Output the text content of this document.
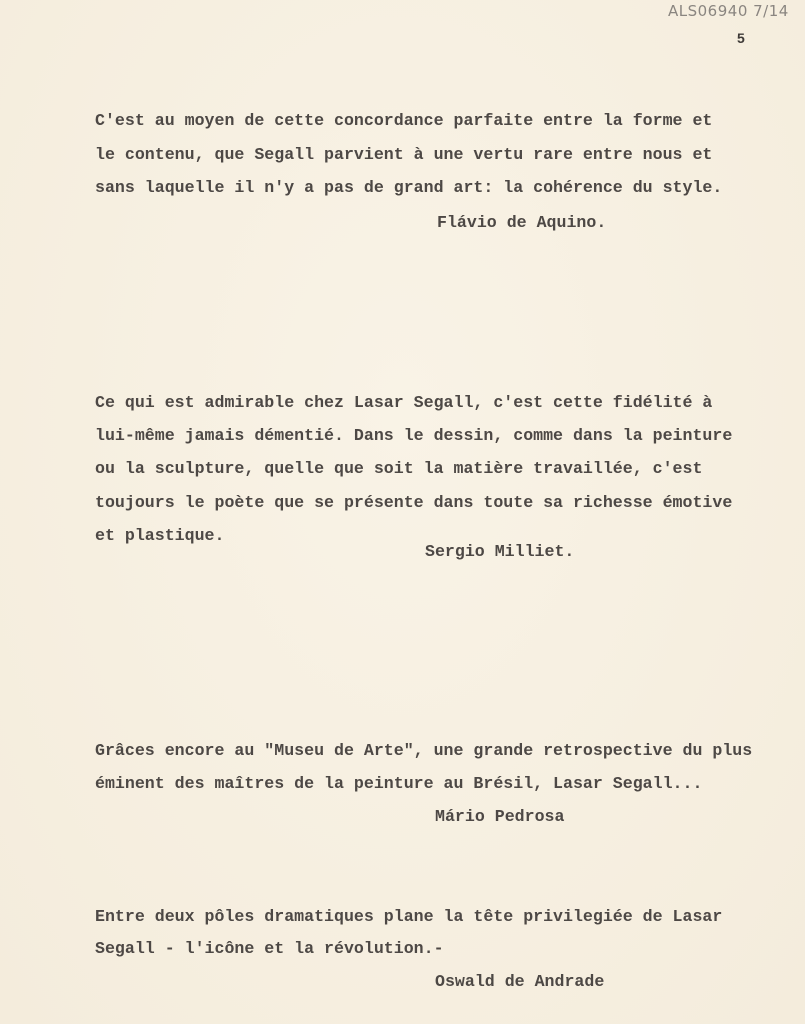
ALS06940 7/14
5
C'est au moyen de cette concordance parfaite entre la forme et
le contenu, que Segall parvient à une vertu rare entre nous et
sans laquelle il n'y a pas de grand art: la cohérence du style.
Flávio de Aquino.
Ce qui est admirable chez Lasar Segall, c'est cette fidélité à
lui-même jamais démentié. Dans le dessin, comme dans la peinture
ou la sculpture, quelle que soit la matière travaillée, c'est
toujours le poète que se présente dans toute sa richesse émotive
et plastique.
Sergio Milliet.
Grâces encore au "Museu de Arte", une grande retrospective du plus
éminent des maîtres de la peinture au Brésil, Lasar Segall...
Mário Pedrosa
Entre deux pôles dramatiques plane la tête privilegiée de Lasar
Segall - l'icône et la révolution.-
Oswald de Andrade
